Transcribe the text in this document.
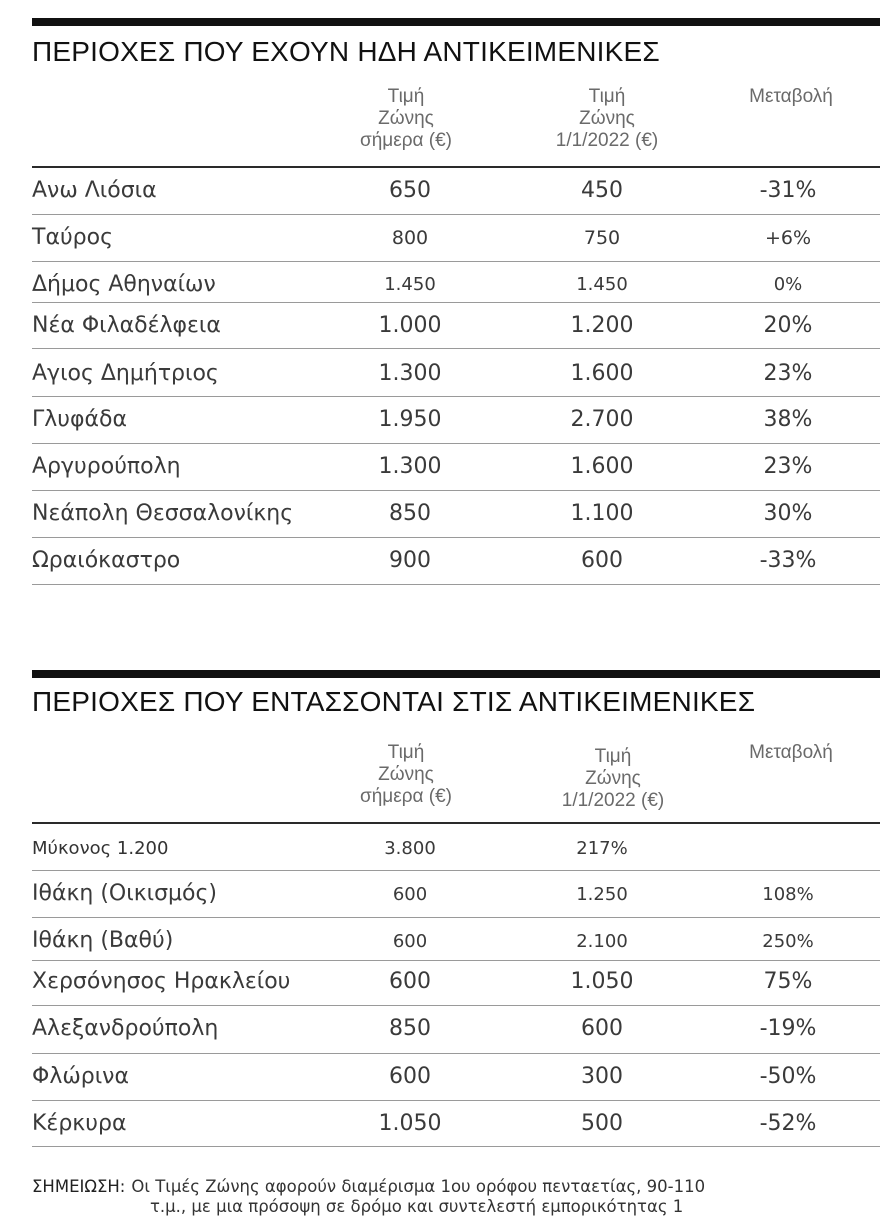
ΠΕΡΙΟΧΕΣ ΠΟΥ ΕΧΟΥΝ ΗΔΗ ΑΝΤΙΚΕΙΜΕΝΙΚΕΣ
Τιμή
Ζώνης
σήμερα (€)
Τιμή
Ζώνης
1/1/2022 (€)
Μεταβολή
Ανω Λιόσια	650	450	-31%
Ταύρος	800	750	+6%
Δήμος Αθηναίων	1.450	1.450	0%
Νέα Φιλαδέλφεια	1.000	1.200	20%
Αγιος Δημήτριος	1.300	1.600	23%
Γλυφάδα	1.950	2.700	38%
Αργυρούπολη	1.300	1.600	23%
Νεάπολη Θεσσαλονίκης	850	1.100	30%
Ωραιόκαστρο	900	600	-33%
ΠΕΡΙΟΧΕΣ ΠΟΥ ΕΝΤΑΣΣΟΝΤΑΙ ΣΤΙΣ ΑΝΤΙΚΕΙΜΕΝΙΚΕΣ
Τιμή
Ζώνης
σήμερα (€)
Τιμή
Ζώνης
1/1/2022 (€)
Μεταβολή
Μύκονος 1.200	3.800	217%
Ιθάκη (Οικισμός)	600	1.250	108%
Ιθάκη (Βαθύ)	600	2.100	250%
Χερσόνησος Ηρακλείου	600	1.050	75%
Αλεξανδρούπολη	850	600	-19%
Φλώρινα	600	300	-50%
Κέρκυρα	1.050	500	-52%
ΣΗΜΕΙΩΣΗ: Οι Τιμές Ζώνης αφορούν διαμέρισμα 1ου ορόφου πενταετίας, 90-110
τ.μ., με μια πρόσοψη σε δρόμο και συντελεστή εμπορικότητας 1
